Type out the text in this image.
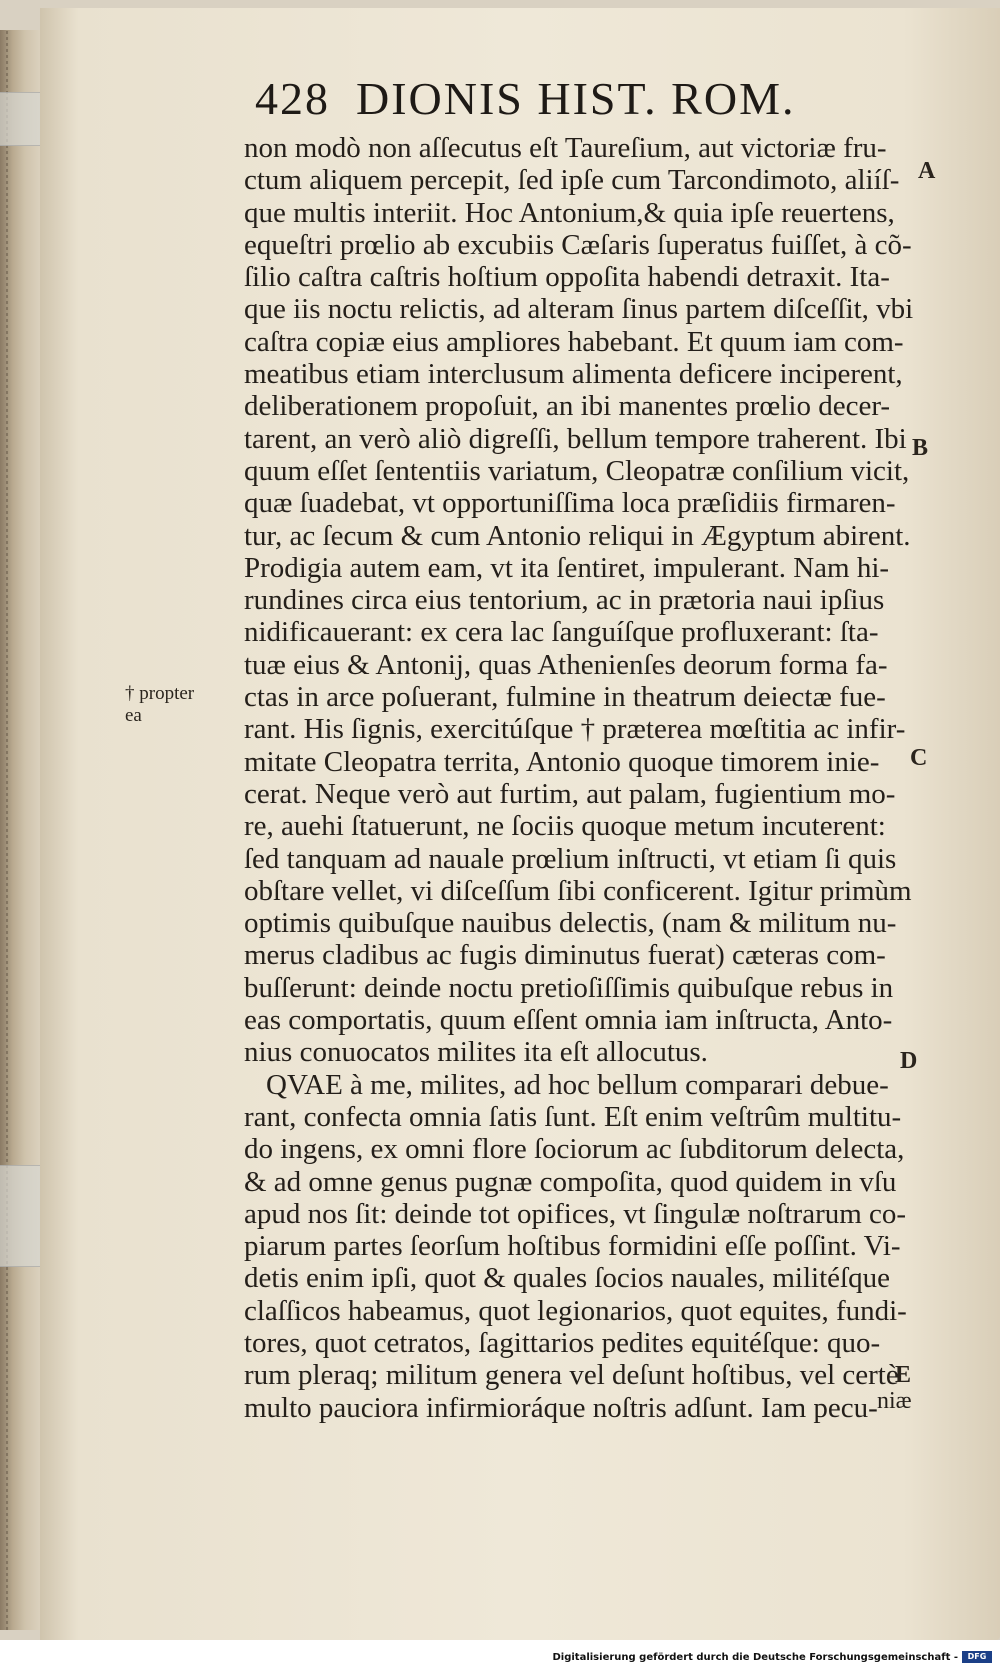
428 DIONIS HIST. ROM.
non modò non aſſecutus eſt Taureſium, aut victoriæ fru-
ctum aliquem percepit, ſed ipſe cum Tarcondimoto, aliíſ-
que multis interiit. Hoc Antonium,& quia ipſe reuertens,
equeſtri prœlio ab excubiis Cæſaris ſuperatus fuiſſet, à cõ-
ſilio caſtra caſtris hoſtium oppoſita habendi detraxit. Ita-
que iis noctu relictis, ad alteram ſinus partem diſceſſit, vbi
caſtra copiæ eius ampliores habebant. Et quum iam com-
meatibus etiam interclusum alimenta deficere inciperent,
deliberationem propoſuit, an ibi manentes prœlio decer-
tarent, an verò aliò digreſſi, bellum tempore traherent. Ibi
quum eſſet ſententiis variatum, Cleopatræ conſilium vicit,
quæ ſuadebat, vt opportuniſſima loca præſidiis firmaren-
tur, ac ſecum & cum Antonio reliqui in Ægyptum abirent.
Prodigia autem eam, vt ita ſentiret, impulerant. Nam hi-
rundines circa eius tentorium, ac in prætoria naui ipſius
nidificauerant: ex cera lac ſanguíſque profluxerant: ſta-
tuæ eius & Antonij, quas Athenienſes deorum forma fa-
ctas in arce poſuerant, fulmine in theatrum deiectæ fue-
rant. His ſignis, exercitúſque † præterea mœſtitia ac infir-
mitate Cleopatra territa, Antonio quoque timorem inie-
cerat. Neque verò aut furtim, aut palam, fugientium mo-
re, auehi ſtatuerunt, ne ſociis quoque metum incuterent:
ſed tanquam ad nauale prœlium inſtructi, vt etiam ſi quis
obſtare vellet, vi diſceſſum ſibi conficerent. Igitur primùm
optimis quibuſque nauibus delectis, (nam & militum nu-
merus cladibus ac fugis diminutus fuerat) cæteras com-
buſſerunt: deinde noctu pretioſiſſimis quibuſque rebus in
eas comportatis, quum eſſent omnia iam inſtructa, Anto-
nius conuocatos milites ita eſt allocutus.
QVAE à me, milites, ad hoc bellum comparari debue-
rant, confecta omnia ſatis ſunt. Eſt enim veſtrûm multitu-
do ingens, ex omni flore ſociorum ac ſubditorum delecta,
& ad omne genus pugnæ compoſita, quod quidem in vſu
apud nos ſit: deinde tot opifices, vt ſingulæ noſtrarum co-
piarum partes ſeorſum hoſtibus formidini eſſe poſſint. Vi-
detis enim ipſi, quot & quales ſocios nauales, militéſque
claſſicos habeamus, quot legionarios, quot equites, fundi-
tores, quot cetratos, ſagittarios pedites equitéſque: quo-
rum pleraq; militum genera vel deſunt hoſtibus, vel certè
multo pauciora infirmioráque noſtris adſunt. Iam pecu-
A
B
C
D
E
† propter
ea
niæ
Digitalisierung gefördert durch die Deutsche Forschungsgemeinschaft -	DFG
